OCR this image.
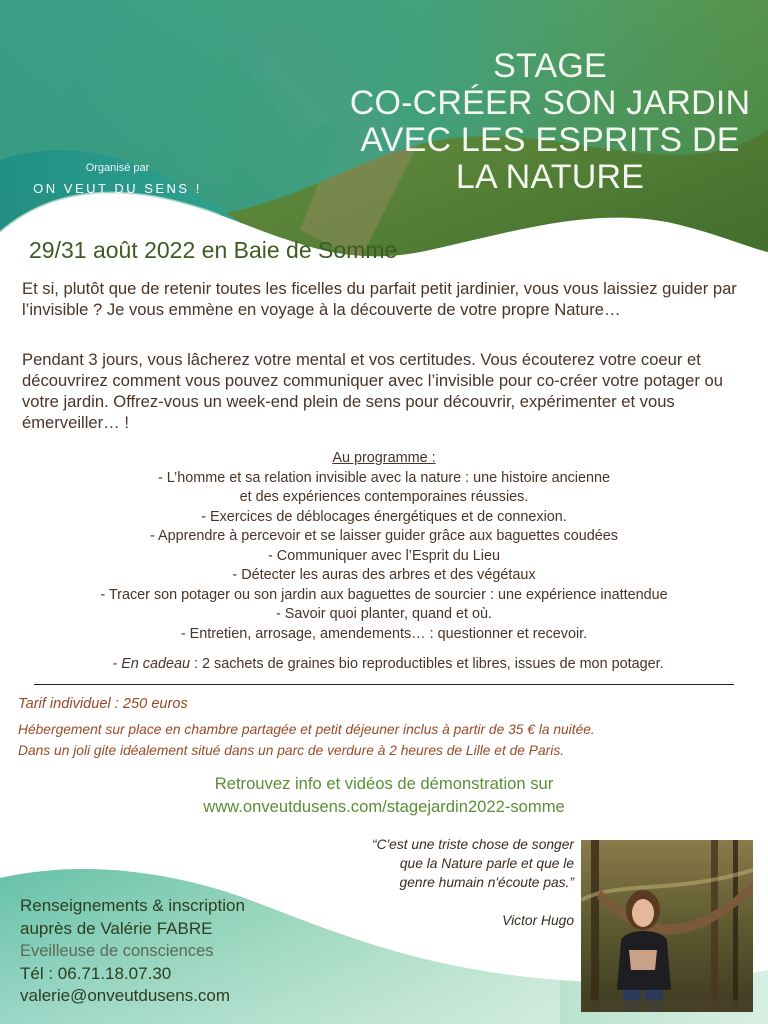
STAGE
CO-CRÉER SON JARDIN
AVEC LES ESPRITS DE
LA NATURE
Organisé par
ON VEUT DU SENS !
29/31 août 2022 en Baie de Somme

Et si, plutôt que de retenir toutes les ficelles du parfait petit jardinier, vous vous laissiez guider par l’invisible ? Je vous emmène en voyage à la découverte de votre propre Nature…

Pendant 3 jours, vous lâcherez votre mental et vos certitudes. Vous écouterez votre coeur et découvrirez comment vous pouvez communiquer avec l’invisible pour co-créer votre potager ou votre jardin. Offrez-vous un week-end plein de sens pour découvrir, expérimenter et vous émerveiller… !

Au programme :
- L’homme et sa relation invisible avec la nature : une histoire ancienne
et des expériences contemporaines réussies.
- Exercices de déblocages énergétiques et de connexion.
- Apprendre à percevoir et se laisser guider grâce aux baguettes coudées
- Communiquer avec l’Esprit du Lieu
- Détecter les auras des arbres et des végétaux
- Tracer son potager ou son jardin aux baguettes de sourcier : une expérience inattendue
- Savoir quoi planter, quand et où.
- Entretien, arrosage, amendements… : questionner et recevoir.
- En cadeau : 2 sachets de graines bio reproductibles et libres, issues de mon potager.
Tarif individuel : 250 euros
Hébergement sur place en chambre partagée et petit déjeuner inclus à partir de 35 € la nuitée.
Dans un joli gite idéalement situé dans un parc de verdure à 2 heures de Lille et de Paris.
Retrouvez info et vidéos de démonstration sur
www.onveutdusens.com/stagejardin2022-somme
“C'est une triste chose de songer
que la Nature parle et que le
genre humain n'écoute pas.”
Victor Hugo
Renseignements & inscription
auprès de Valérie FABRE
Eveilleuse de consciences
Tél : 06.71.18.07.30
valerie@onveutdusens.com
